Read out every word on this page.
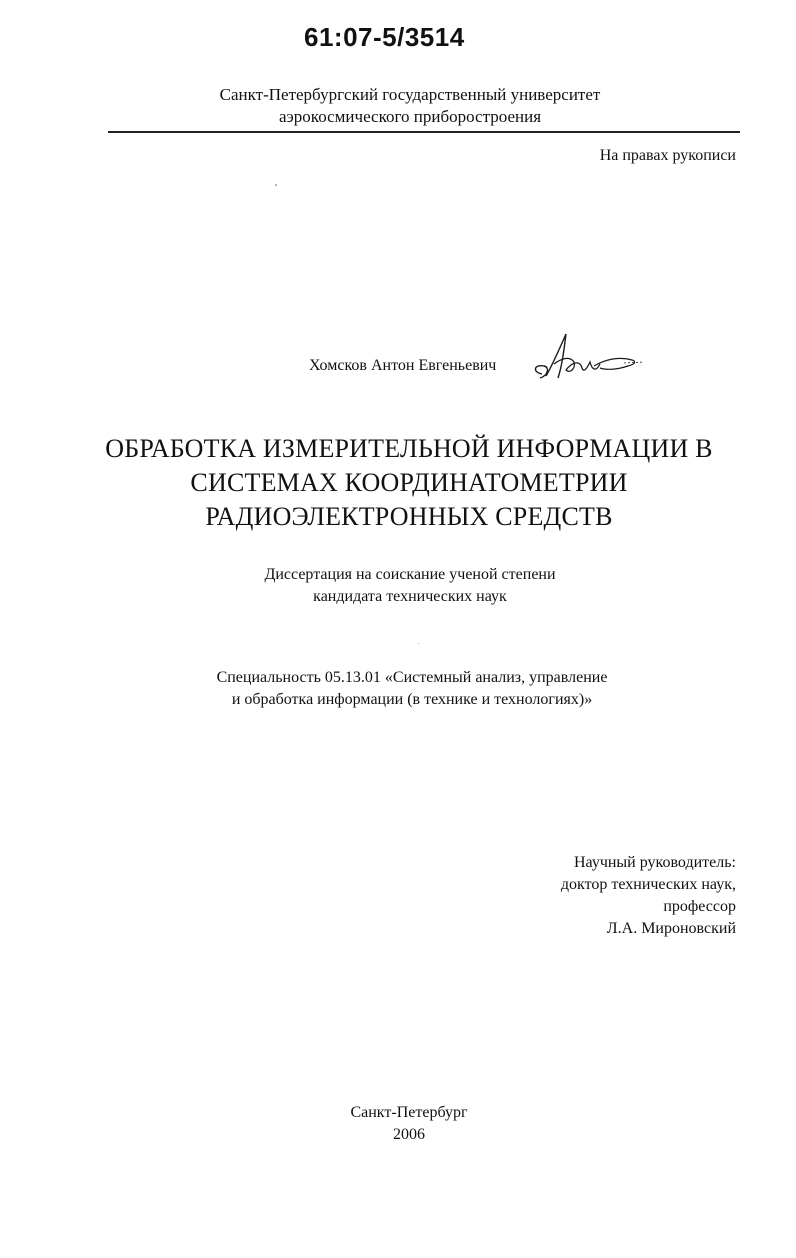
61:07-5/3514
Санкт-Петербургский государственный университет
аэрокосмического приборостроения
На правах рукописи
Хомсков Антон Евгеньевич
ОБРАБОТКА ИЗМЕРИТЕЛЬНОЙ ИНФОРМАЦИИ В
СИСТЕМАХ КООРДИНАТОМЕТРИИ
РАДИОЭЛЕКТРОННЫХ СРЕДСТВ
Диссертация на соискание ученой степени
кандидата технических наук
Специальность 05.13.01 «Системный анализ, управление
и обработка информации (в технике и технологиях)»
Научный руководитель:
доктор технических наук,
профессор
Л.А. Мироновский
Санкт-Петербург
2006
